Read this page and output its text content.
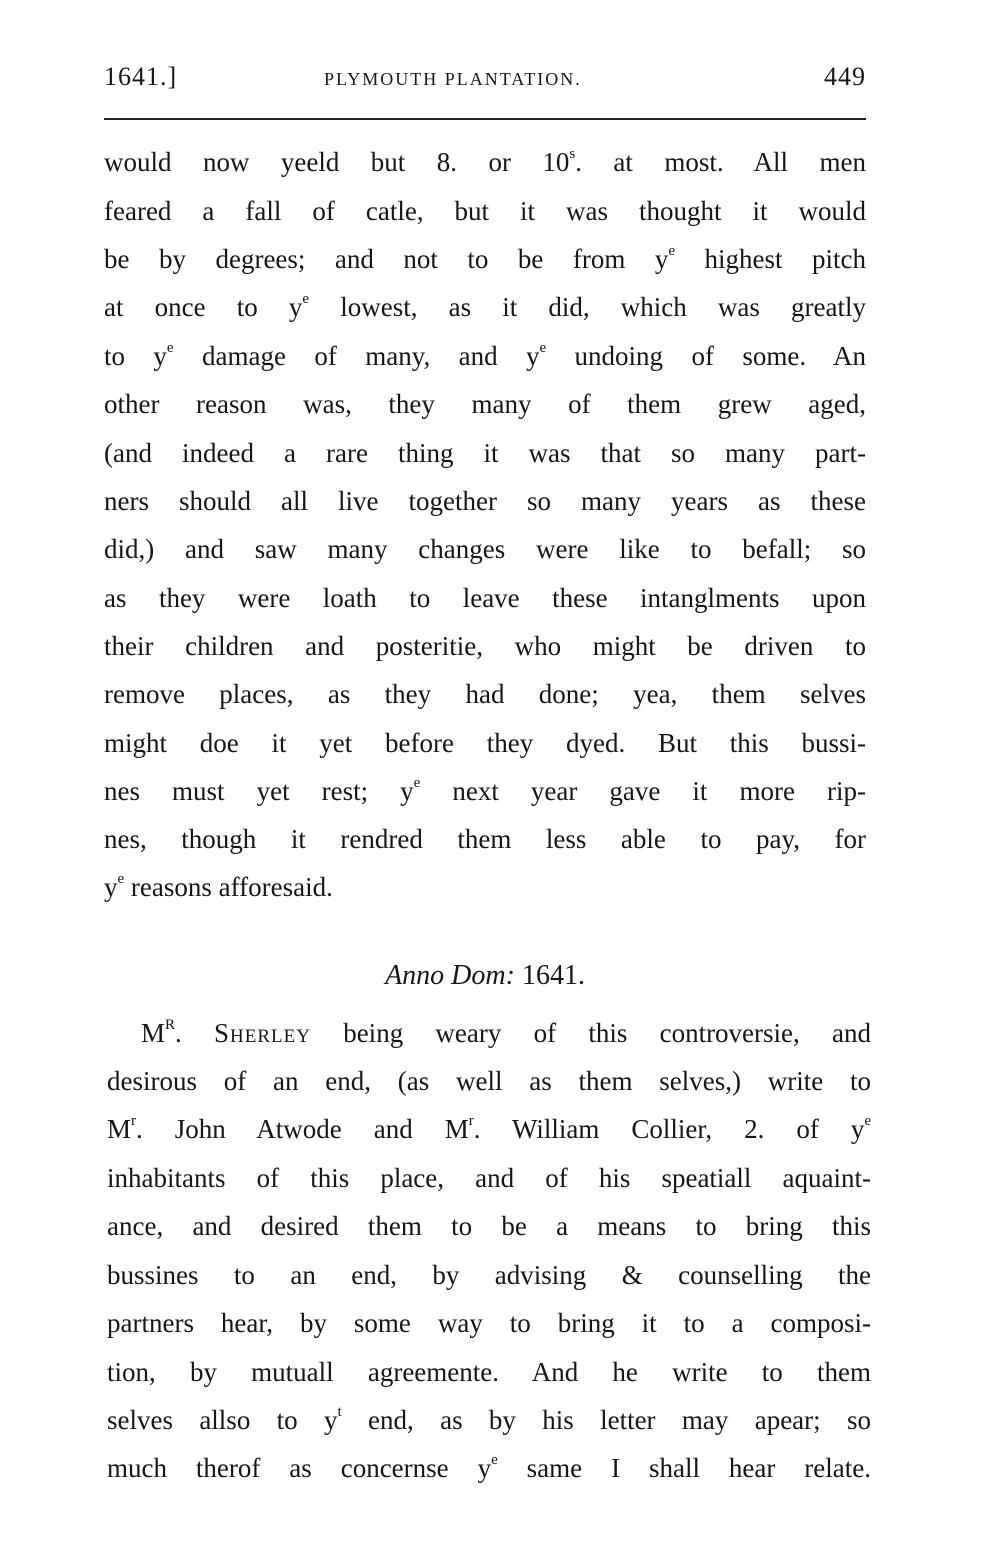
1641.]	PLYMOUTH PLANTATION.	449
would now yeeld but 8. or 10$^s$. at most. All men
feared a fall of catle, but it was thought it would
be by degrees; and not to be from $y^e$ highest pitch
at once to $y^e$ lowest, as it did, which was greatly
to $y^e$ damage of many, and $y^e$ undoing of some. An
other reason was, they many of them grew aged,
(and indeed a rare thing it was that so many part-
ners should all live together so many years as these
did,) and saw many changes were like to befall; so
as they were loath to leave these intanglments upon
their children and posteritie, who might be driven to
remove places, as they had done; yea, them selves
might doe it yet before they dyed. But this bussi-
nes must yet rest; $y^e$ next year gave it more rip-
nes, though it rendred them less able to pay, for
$y^e$ reasons afforesaid.
Anno Dom: 1641.
$M^R$. Sherley being weary of this controversie, and
desirous of an end, (as well as them selves,) write to
$M^r$. John Atwode and $M^r$. William Collier, 2. of $y^e$
inhabitants of this place, and of his speatiall aquaint-
ance, and desired them to be a means to bring this
bussines to an end, by advising & counselling the
partners hear, by some way to bring it to a composi-
tion, by mutuall agreemente. And he write to them
selves allso to $y^t$ end, as by his letter may apear; so
much therof as concernse $y^e$ same I shall hear relate.
